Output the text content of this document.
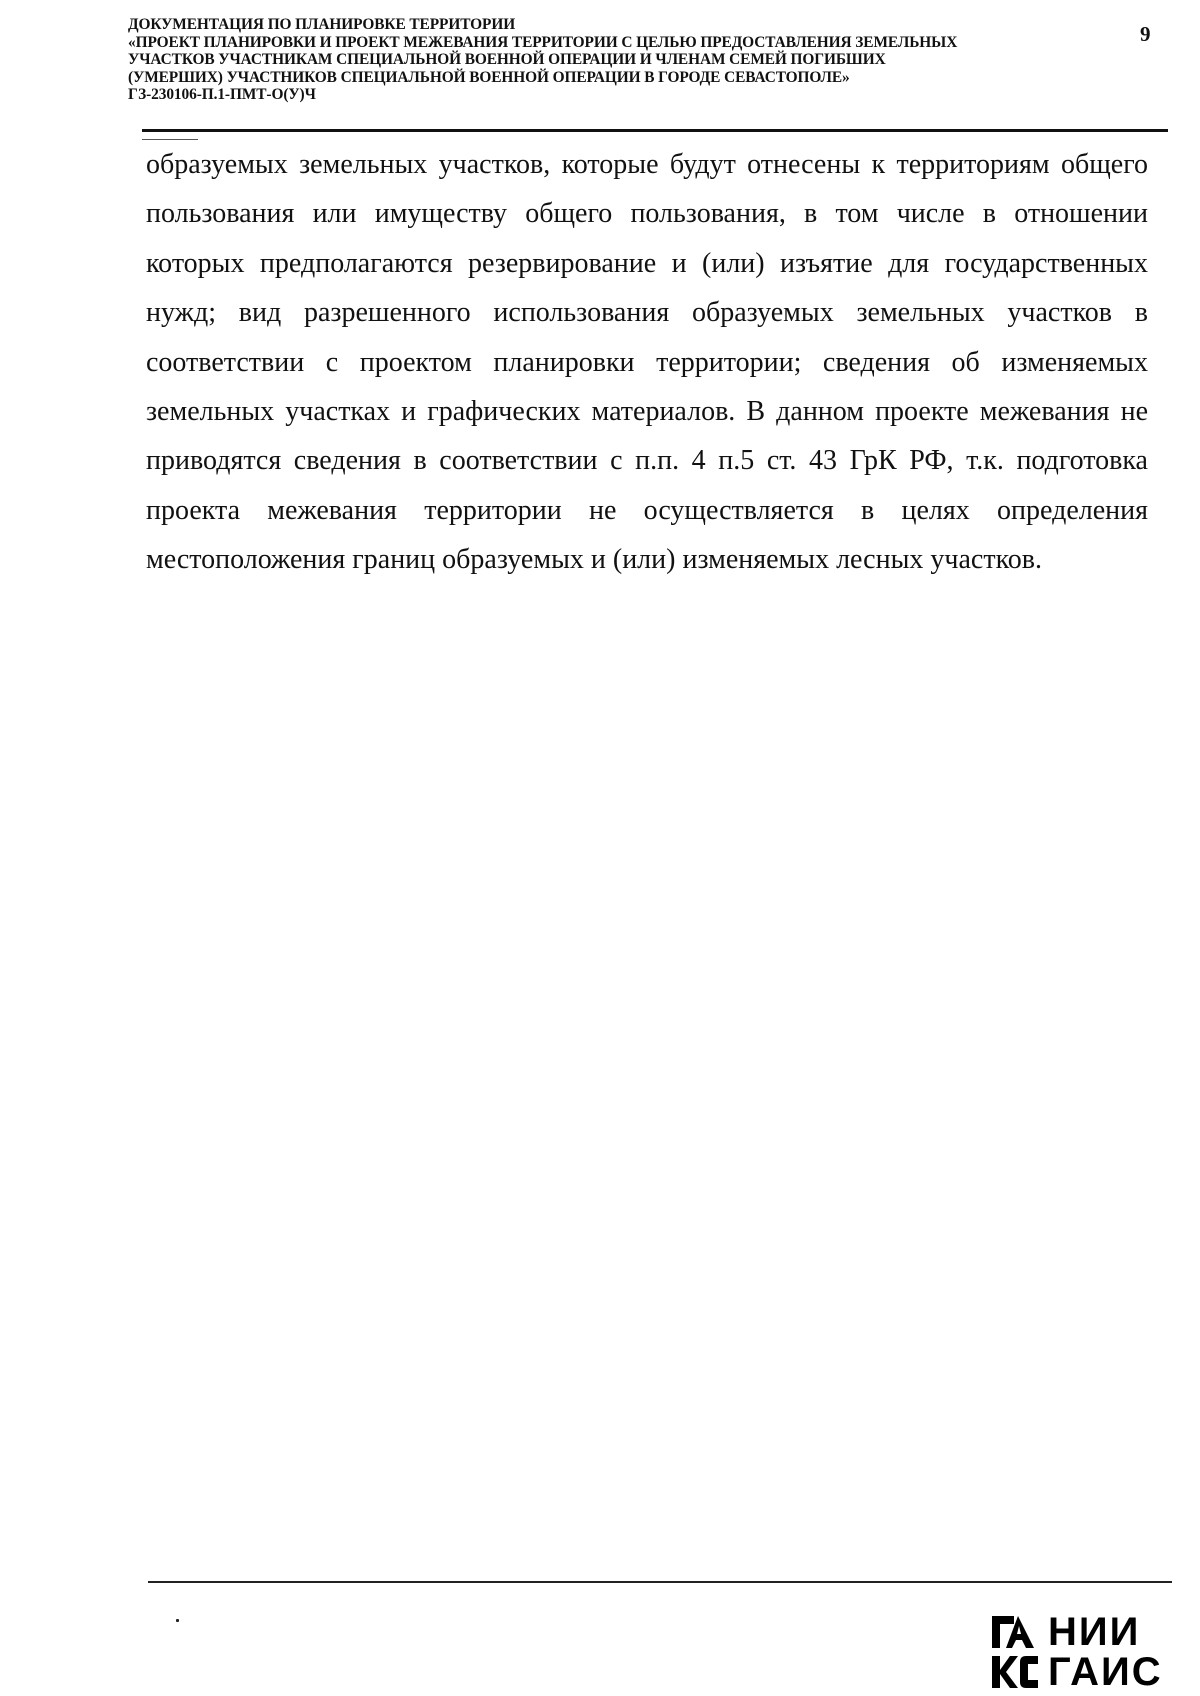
ДОКУМЕНТАЦИЯ ПО ПЛАНИРОВКЕ ТЕРРИТОРИИ
«ПРОЕКТ ПЛАНИРОВКИ И ПРОЕКТ МЕЖЕВАНИЯ ТЕРРИТОРИИ С ЦЕЛЬЮ ПРЕДОСТАВЛЕНИЯ ЗЕМЕЛЬНЫХ
УЧАСТКОВ УЧАСТНИКАМ СПЕЦИАЛЬНОЙ ВОЕННОЙ ОПЕРАЦИИ И ЧЛЕНАМ СЕМЕЙ ПОГИБШИХ
(УМЕРШИХ) УЧАСТНИКОВ СПЕЦИАЛЬНОЙ ВОЕННОЙ ОПЕРАЦИИ В ГОРОДЕ СЕВАСТОПОЛЕ»
ГЗ-230106-П.1-ПМТ-О(У)Ч
9
образуемых земельных участков, которые будут отнесены к территориям общего
пользования или имуществу общего пользования, в том числе в отношении
которых предполагаются резервирование и (или) изъятие для государственных
нужд; вид разрешенного использования образуемых земельных участков в
соответствии с проектом планировки территории; сведения об изменяемых
земельных участках и графических материалов. В данном проекте межевания не
приводятся сведения в соответствии с п.п. 4 п.5 ст. 43 ГрК РФ, т.к. подготовка
проекта межевания территории не осуществляется в целях определения
местоположения границ образуемых и (или) изменяемых лесных участков.
НИИ
ГАИС
